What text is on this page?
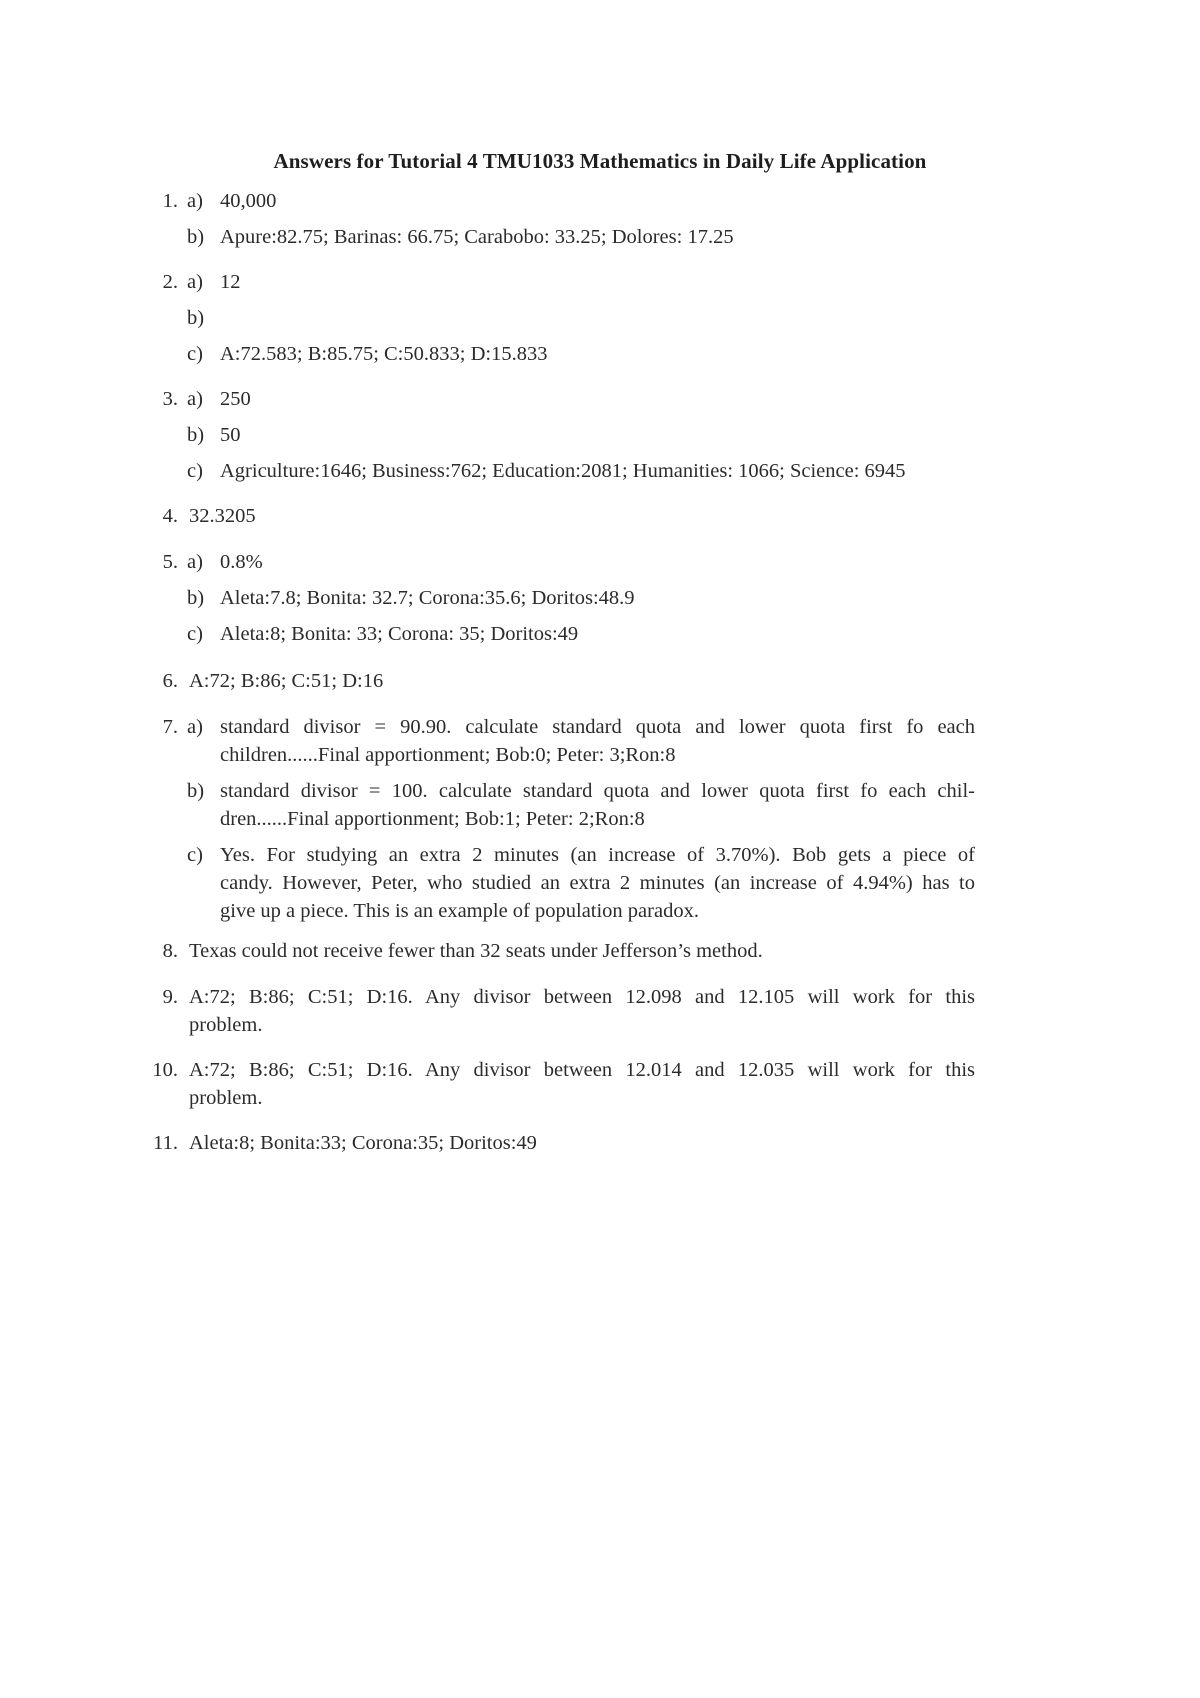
Answers for Tutorial 4 TMU1033 Mathematics in Daily Life Application
1. a) 40,000
b) Apure:82.75; Barinas: 66.75; Carabobo: 33.25; Dolores: 17.25
2. a) 12
b)
c) A:72.583; B:85.75; C:50.833; D:15.833
3. a) 250
b) 50
c) Agriculture:1646; Business:762; Education:2081; Humanities: 1066; Science: 6945
4. 32.3205
5. a) 0.8%
b) Aleta:7.8; Bonita: 32.7; Corona:35.6; Doritos:48.9
c) Aleta:8; Bonita: 33; Corona: 35; Doritos:49
6. A:72; B:86; C:51; D:16
7. a) standard divisor = 90.90. calculate standard quota and lower quota first fo each
children......Final apportionment; Bob:0; Peter: 3;Ron:8
b) standard divisor = 100. calculate standard quota and lower quota first fo each chil-
dren......Final apportionment; Bob:1; Peter: 2;Ron:8
c) Yes. For studying an extra 2 minutes (an increase of 3.70%). Bob gets a piece of
candy. However, Peter, who studied an extra 2 minutes (an increase of 4.94%) has to
give up a piece. This is an example of population paradox.
8. Texas could not receive fewer than 32 seats under Jefferson’s method.
9. A:72; B:86; C:51; D:16. Any divisor between 12.098 and 12.105 will work for this
problem.
10. A:72; B:86; C:51; D:16. Any divisor between 12.014 and 12.035 will work for this
problem.
11. Aleta:8; Bonita:33; Corona:35; Doritos:49
